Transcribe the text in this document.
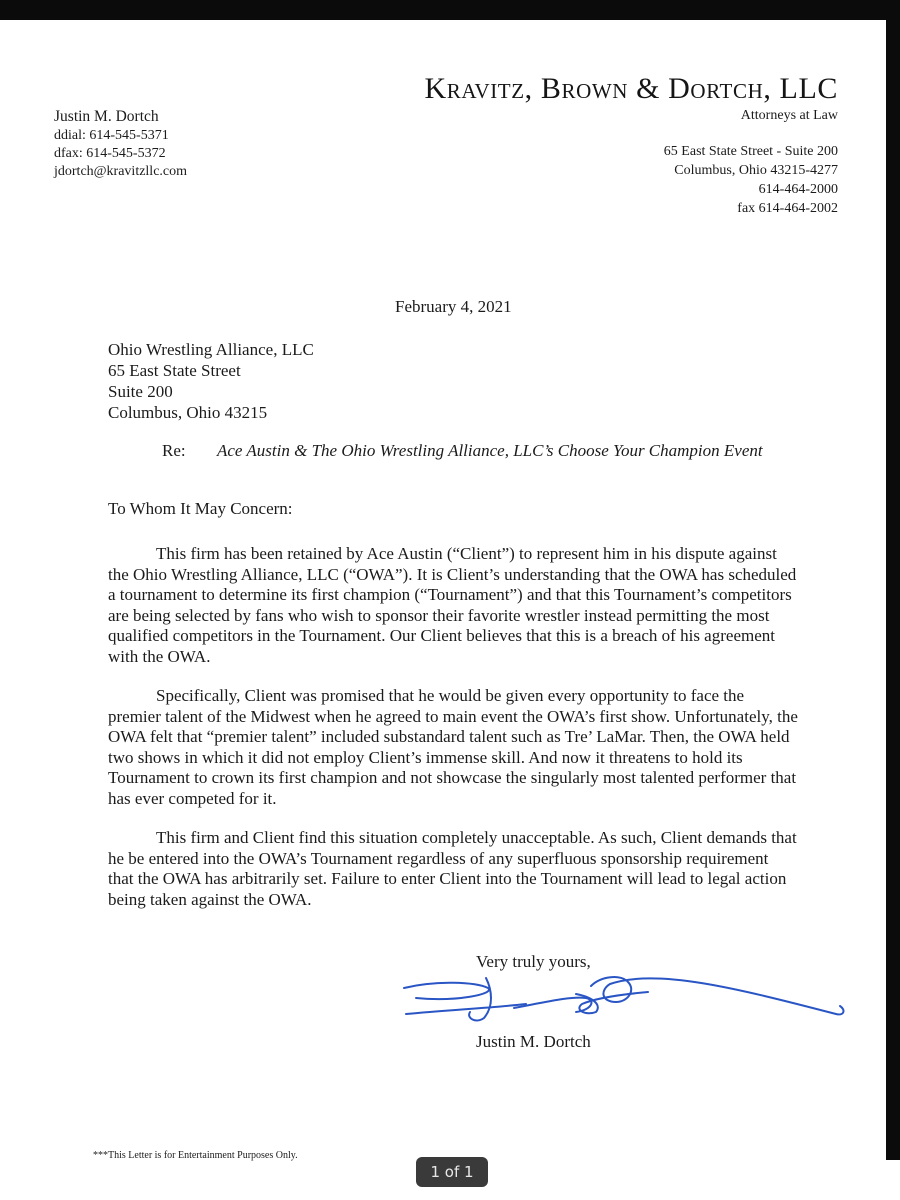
Kravitz, Brown & Dortch, LLC
Attorneys at Law
65 East State Street - Suite 200
Columbus, Ohio 43215-4277
614-464-2000
fax 614-464-2002
Justin M. Dortch
ddial: 614-545-5371
dfax: 614-545-5372
jdortch@kravitzllc.com
February 4, 2021
Ohio Wrestling Alliance, LLC
65 East State Street
Suite 200
Columbus, Ohio 43215
Re: Ace Austin & The Ohio Wrestling Alliance, LLC’s Choose Your Champion Event
To Whom It May Concern:

This firm has been retained by Ace Austin (“Client”) to represent him in his dispute against the Ohio Wrestling Alliance, LLC (“OWA”). It is Client’s understanding that the OWA has scheduled a tournament to determine its first champion (“Tournament”) and that this Tournament’s competitors are being selected by fans who wish to sponsor their favorite wrestler instead permitting the most qualified competitors in the Tournament. Our Client believes that this is a breach of his agreement with the OWA.

Specifically, Client was promised that he would be given every opportunity to face the premier talent of the Midwest when he agreed to main event the OWA’s first show. Unfortunately, the OWA felt that “premier talent” included substandard talent such as Tre’ LaMar. Then, the OWA held two shows in which it did not employ Client’s immense skill. And now it threatens to hold its Tournament to crown its first champion and not showcase the singularly most talented performer that has ever competed for it.

This firm and Client find this situation completely unacceptable. As such, Client demands that he be entered into the OWA’s Tournament regardless of any superfluous sponsorship requirement that the OWA has arbitrarily set. Failure to enter Client into the Tournament will lead to legal action being taken against the OWA.

Very truly yours,
Justin M. Dortch
***This Letter is for Entertainment Purposes Only.
1 of 1
